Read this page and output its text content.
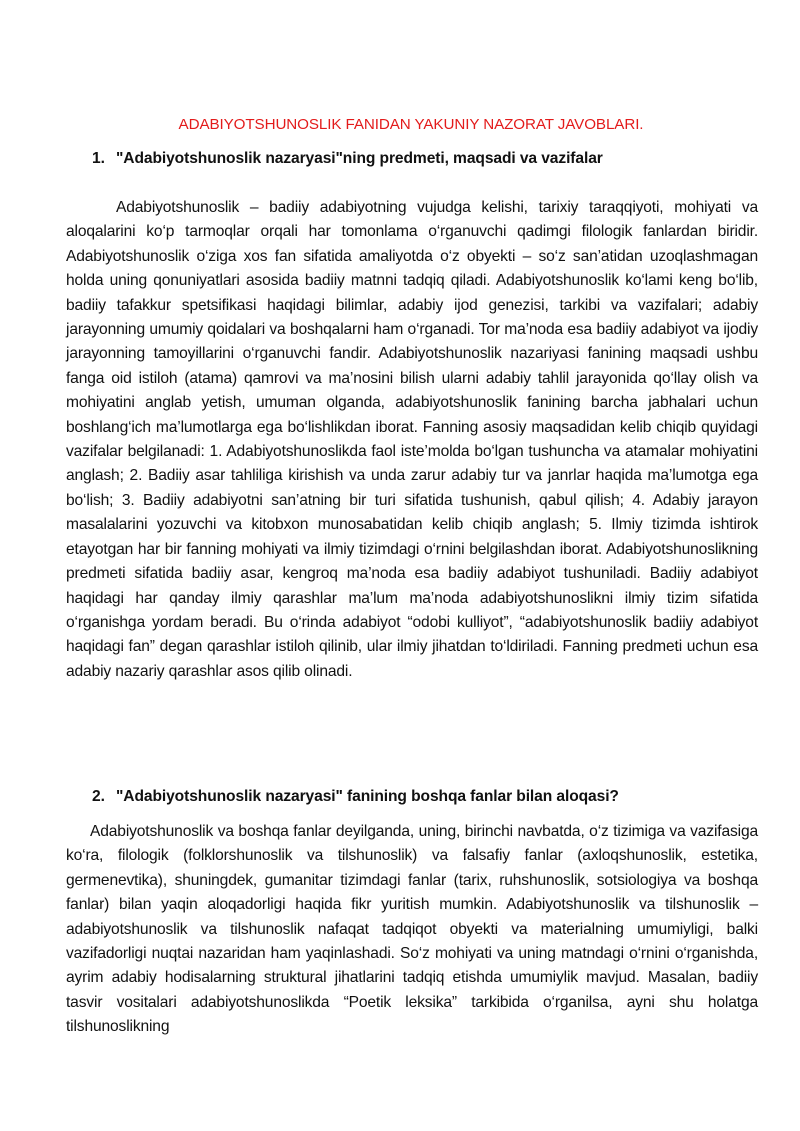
ADABIYOTSHUNOSLIK FANIDAN YAKUNIY NAZORAT JAVOBLARI.
1. "Adabiyotshunoslik nazaryasi"ning predmeti, maqsadi va vazifalar

Adabiyotshunoslik – badiiy adabiyotning vujudga kelishi, tarixiy taraqqiyoti, mohiyati va aloqalarini ko‘p tarmoqlar orqali har tomonlama o‘rganuvchi qadimgi filologik fanlardan biridir. Adabiyotshunoslik o‘ziga xos fan sifatida amaliyotda o‘z obyekti – so‘z san’atidan uzoqlashmagan holda uning qonuniyatlari asosida badiiy matnni tadqiq qiladi. Adabiyotshunoslik ko‘lami keng bo‘lib, badiiy tafakkur spetsifikasi haqidagi bilimlar, adabiy ijod genezisi, tarkibi va vazifalari; adabiy jarayonning umumiy qoidalari va boshqalarni ham o‘rganadi. Tor ma’noda esa badiiy adabiyot va ijodiy jarayonning tamoyillarini o‘rganuvchi fandir. Adabiyotshunoslik nazariyasi fanining maqsadi ushbu fanga oid istiloh (atama) qamrovi va ma’nosini bilish ularni adabiy tahlil jarayonida qo‘llay olish va mohiyatini anglab yetish, umuman olganda, adabiyotshunoslik fanining barcha jabhalari uchun boshlang‘ich ma’lumotlarga ega bo‘lishlikdan iborat. Fanning asosiy maqsadidan kelib chiqib quyidagi vazifalar belgilanadi: 1. Adabiyotshunoslikda faol iste’molda bo‘lgan tushuncha va atamalar mohiyatini anglash; 2. Badiiy asar tahliliga kirishish va unda zarur adabiy tur va janrlar haqida ma’lumotga ega bo‘lish; 3. Badiiy adabiyotni san’atning bir turi sifatida tushunish, qabul qilish; 4. Adabiy jarayon masalalarini yozuvchi va kitobxon munosabatidan kelib chiqib anglash; 5. Ilmiy tizimda ishtirok etayotgan har bir fanning mohiyati va ilmiy tizimdagi o‘rnini belgilashdan iborat. Adabiyotshunoslikning predmeti sifatida badiiy asar, kengroq ma’noda esa badiiy adabiyot tushuniladi. Badiiy adabiyot haqidagi har qanday ilmiy qarashlar ma’lum ma’noda adabiyotshunoslikni ilmiy tizim sifatida o‘rganishga yordam beradi. Bu o‘rinda adabiyot “odobi kulliyot”, “adabiyotshunoslik badiiy adabiyot haqidagi fan” degan qarashlar istiloh qilinib, ular ilmiy jihatdan to‘ldiriladi. Fanning predmeti uchun esa adabiy nazariy qarashlar asos qilib olinadi.

2. "Adabiyotshunoslik nazaryasi" fanining boshqa fanlar bilan aloqasi?

Adabiyotshunoslik va boshqa fanlar deyilganda, uning, birinchi navbatda, o‘z tizimiga va vazifasiga ko‘ra, filologik (folklorshunoslik va tilshunoslik) va falsafiy fanlar (axloqshunoslik, estetika, germenevtika), shuningdek, gumanitar tizimdagi fanlar (tarix, ruhshunoslik, sotsiologiya va boshqa fanlar) bilan yaqin aloqadorligi haqida fikr yuritish mumkin. Adabiyotshunoslik va tilshunoslik – adabiyotshunoslik va tilshunoslik nafaqat tadqiqot obyekti va materialning umumiyligi, balki vazifadorligi nuqtai nazaridan ham yaqinlashadi. So‘z mohiyati va uning matndagi o‘rnini o‘rganishda, ayrim adabiy hodisalarning struktural jihatlarini tadqiq etishda umumiylik mavjud. Masalan, badiiy tasvir vositalari adabiyotshunoslikda “Poetik leksika” tarkibida o‘rganilsa, ayni shu holatga tilshunoslikning
